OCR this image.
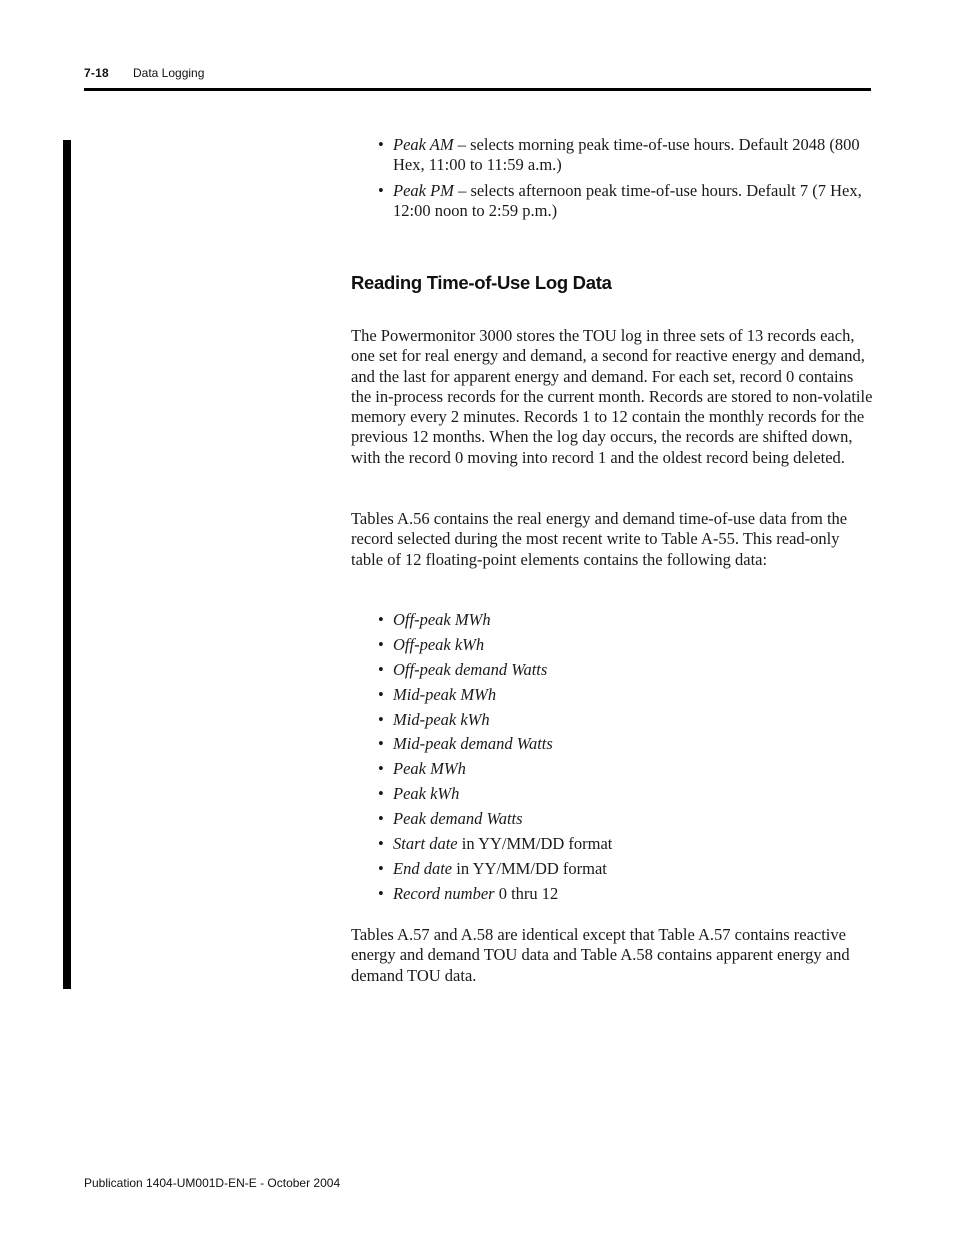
7-18 Data Logging
• Peak AM – selects morning peak time-of-use hours. Default 2048 (800 Hex, 11:00 to 11:59 a.m.)
• Peak PM – selects afternoon peak time-of-use hours. Default 7 (7 Hex, 12:00 noon to 2:59 p.m.)
Reading Time-of-Use Log Data

The Powermonitor 3000 stores the TOU log in three sets of 13 records each, one set for real energy and demand, a second for reactive energy and demand, and the last for apparent energy and demand. For each set, record 0 contains the in-process records for the current month. Records are stored to non-volatile memory every 2 minutes. Records 1 to 12 contain the monthly records for the previous 12 months. When the log day occurs, the records are shifted down, with the record 0 moving into record 1 and the oldest record being deleted.

Tables A.56 contains the real energy and demand time-of-use data from the record selected during the most recent write to Table A-55. This read-only table of 12 floating-point elements contains the following data:

• Off-peak MWh
• Off-peak kWh
• Off-peak demand Watts
• Mid-peak MWh
• Mid-peak kWh
• Mid-peak demand Watts
• Peak MWh
• Peak kWh
• Peak demand Watts
• Start date in YY/MM/DD format
• End date in YY/MM/DD format
• Record number 0 thru 12

Tables A.57 and A.58 are identical except that Table A.57 contains reactive energy and demand TOU data and Table A.58 contains apparent energy and demand TOU data.

Publication 1404-UM001D-EN-E - October 2004
